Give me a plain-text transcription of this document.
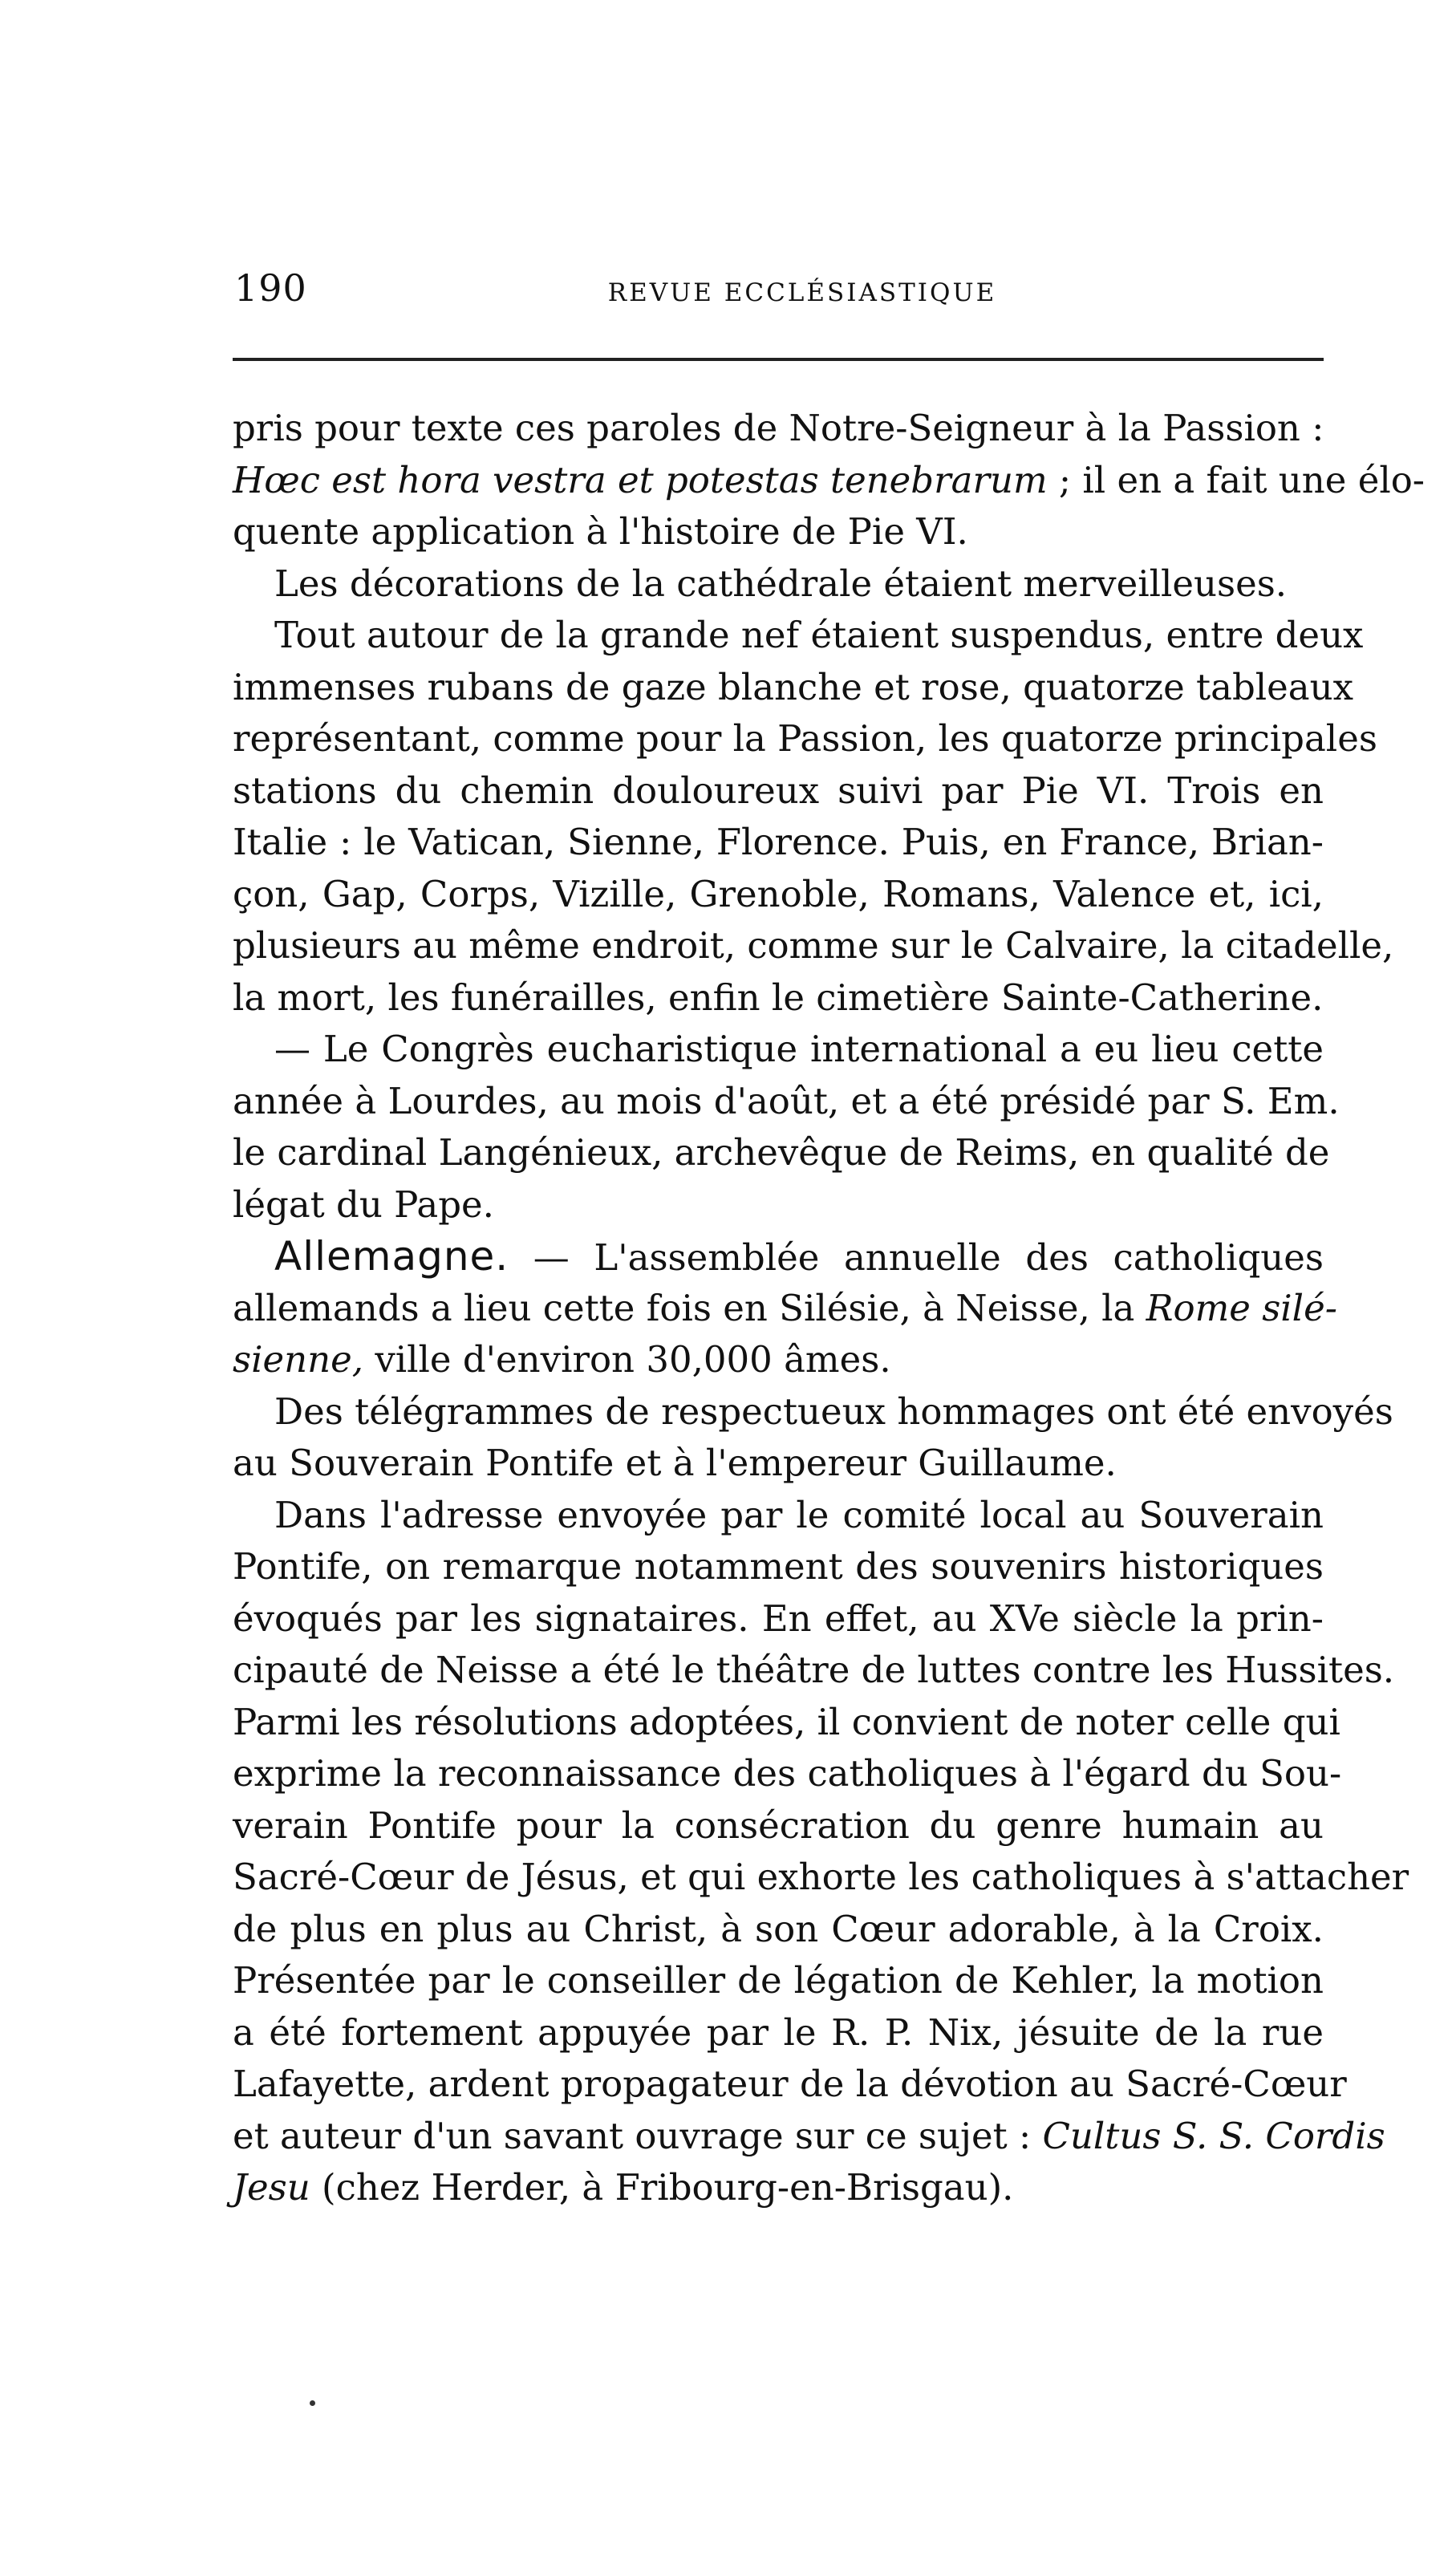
190	REVUE ECCLÉSIASTIQUE
pris pour texte ces paroles de Notre-Seigneur à la Passion :
Hœc est hora vestra et potestas tenebrarum ; il en a fait une élo-
quente application à l'histoire de Pie VI.
Les décorations de la cathédrale étaient merveilleuses.
Tout autour de la grande nef étaient suspendus, entre deux
immenses rubans de gaze blanche et rose, quatorze tableaux
représentant, comme pour la Passion, les quatorze principales
stations du chemin douloureux suivi par Pie VI. Trois en
Italie : le Vatican, Sienne, Florence. Puis, en France, Brian-
çon, Gap, Corps, Vizille, Grenoble, Romans, Valence et, ici,
plusieurs au même endroit, comme sur le Calvaire, la citadelle,
la mort, les funérailles, enfin le cimetière Sainte-Catherine.
— Le Congrès eucharistique international a eu lieu cette
année à Lourdes, au mois d'août, et a été présidé par S. Em.
le cardinal Langénieux, archevêque de Reims, en qualité de
légat du Pape.
Allemagne. — L'assemblée annuelle des catholiques
allemands a lieu cette fois en Silésie, à Neisse, la Rome silé-
sienne, ville d'environ 30,000 âmes.
Des télégrammes de respectueux hommages ont été envoyés
au Souverain Pontife et à l'empereur Guillaume.
Dans l'adresse envoyée par le comité local au Souverain
Pontife, on remarque notamment des souvenirs historiques
évoqués par les signataires. En effet, au XVe siècle la prin-
cipauté de Neisse a été le théâtre de luttes contre les Hussites.
Parmi les résolutions adoptées, il convient de noter celle qui
exprime la reconnaissance des catholiques à l'égard du Sou-
verain Pontife pour la consécration du genre humain au
Sacré-Cœur de Jésus, et qui exhorte les catholiques à s'attacher
de plus en plus au Christ, à son Cœur adorable, à la Croix.
Présentée par le conseiller de légation de Kehler, la motion
a été fortement appuyée par le R. P. Nix, jésuite de la rue
Lafayette, ardent propagateur de la dévotion au Sacré-Cœur
et auteur d'un savant ouvrage sur ce sujet : Cultus S. S. Cordis
Jesu (chez Herder, à Fribourg-en-Brisgau).
